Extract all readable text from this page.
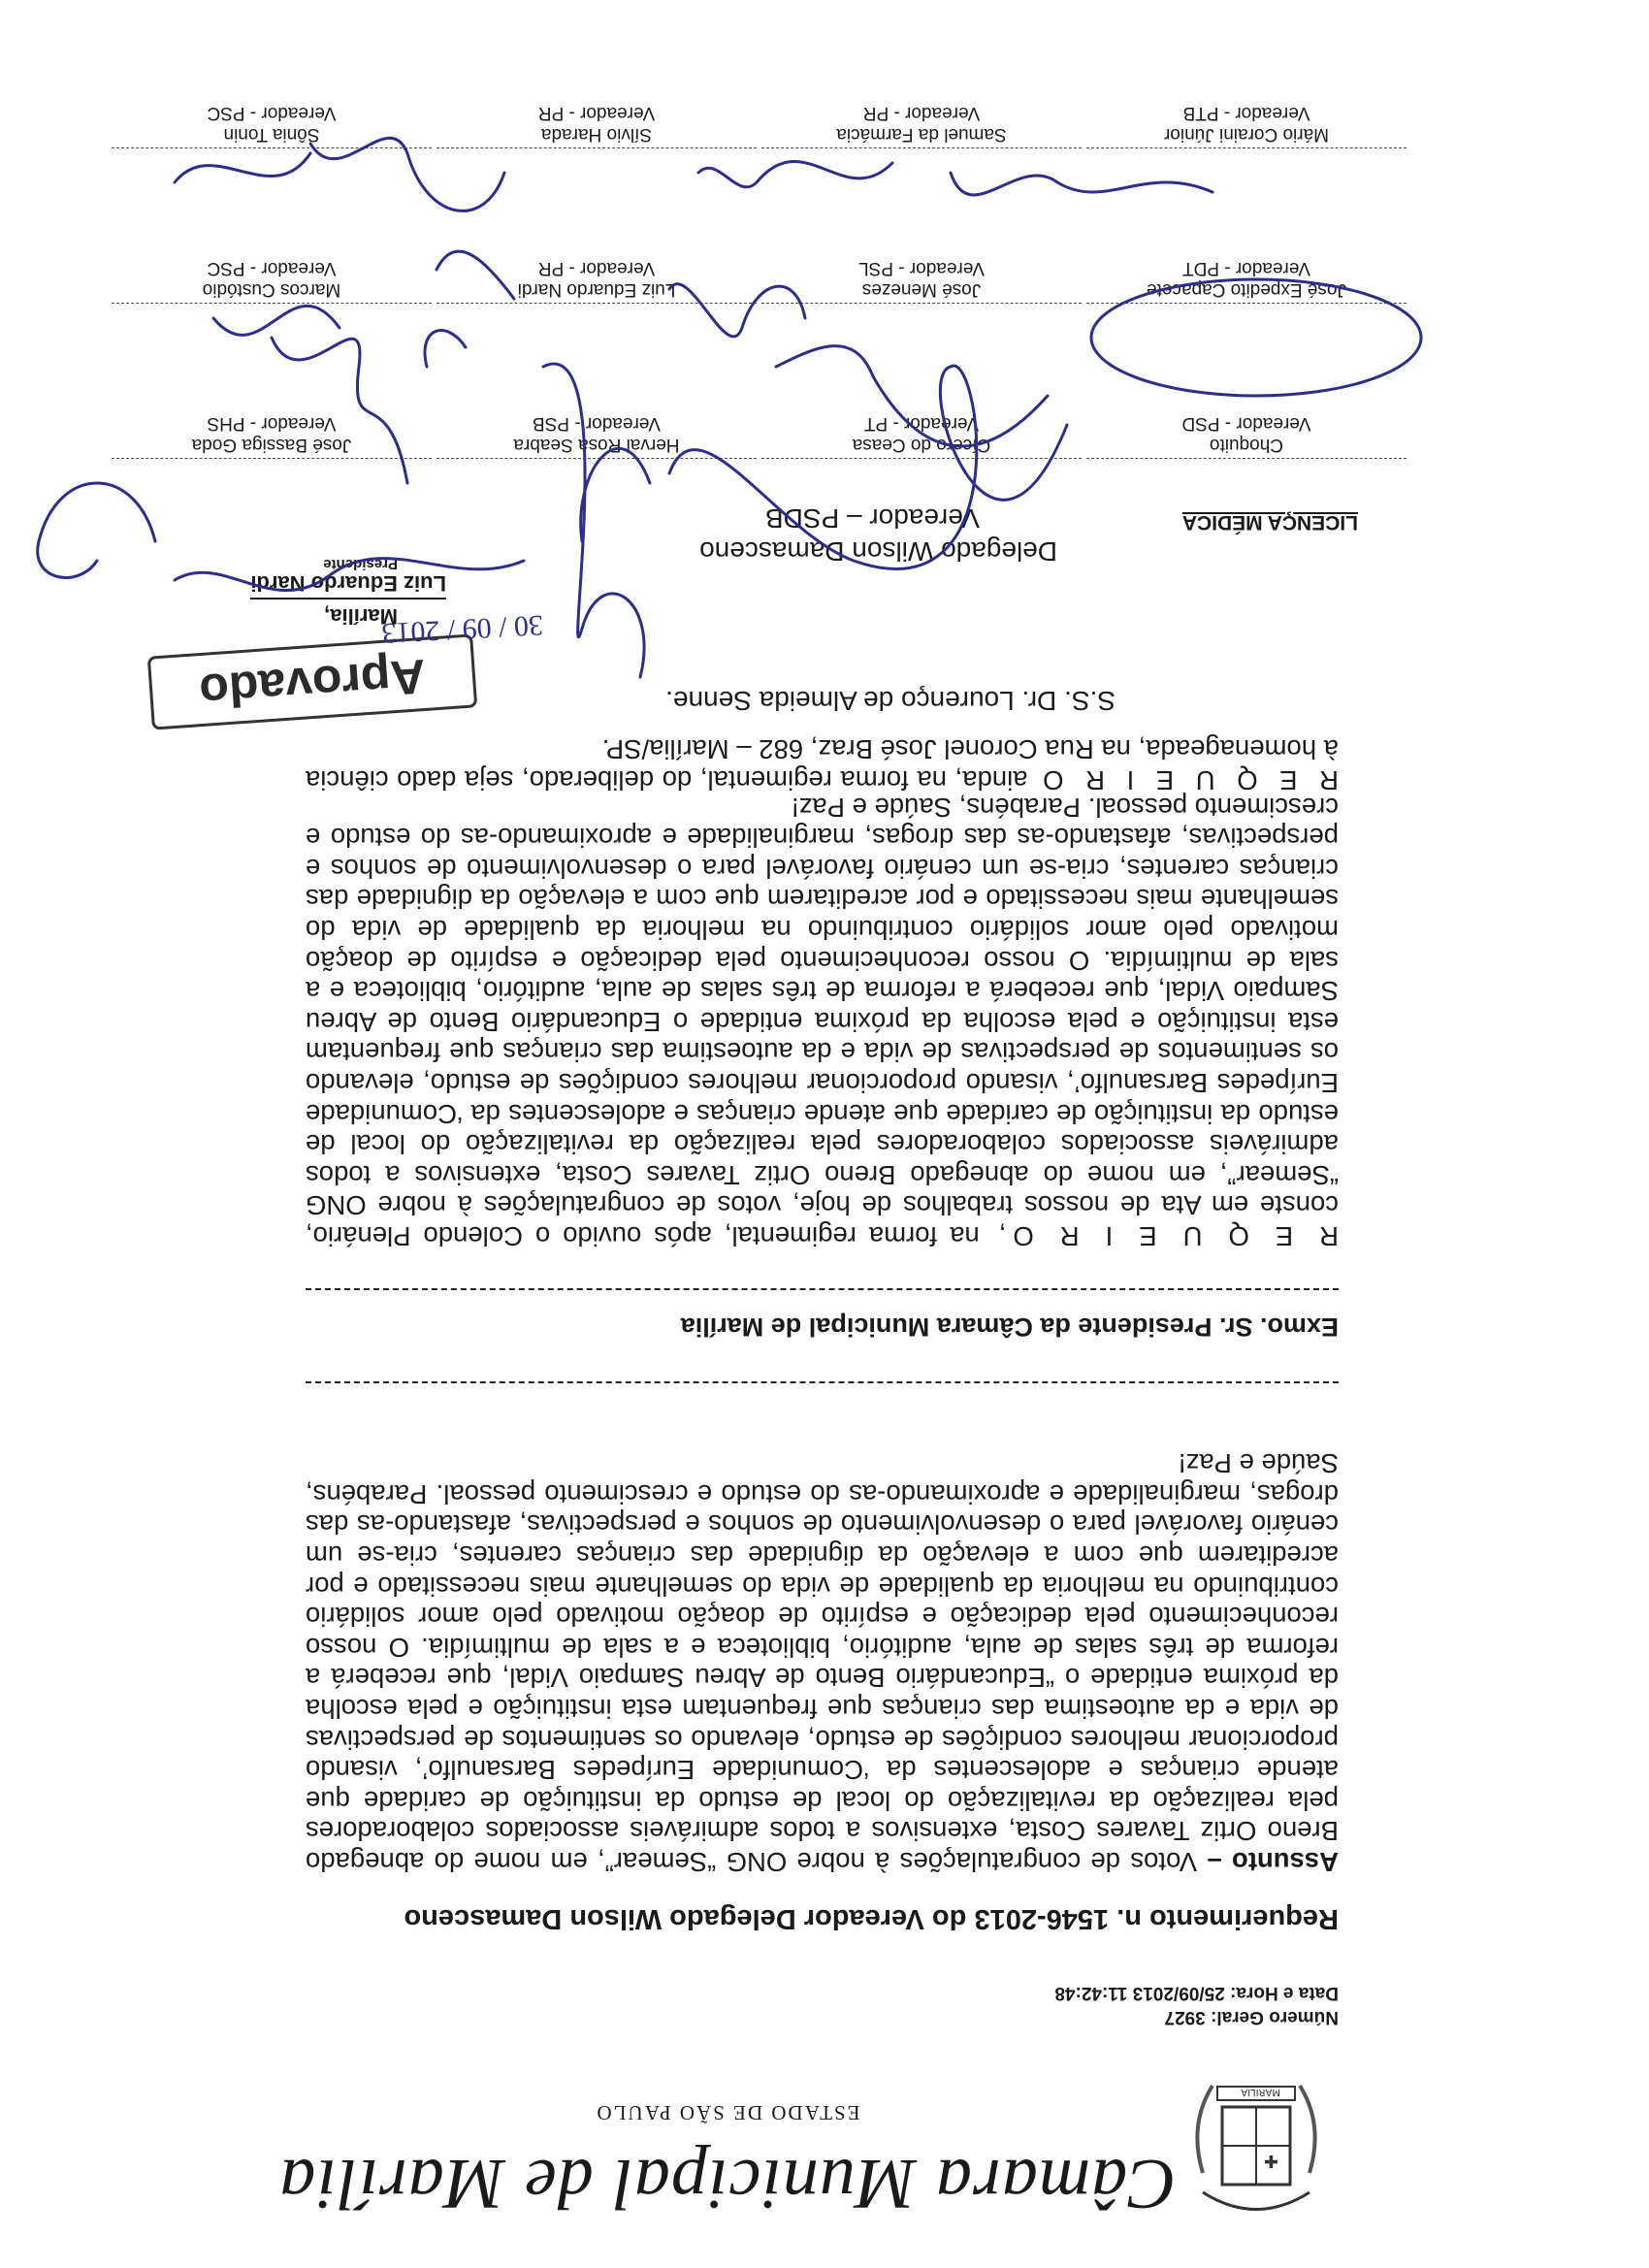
✚
MARILIA
Câmara Municipal de Marília
ESTADO DE SÃO PAULO
Número Geral: 3927
Data e Hora: 25/09/2013 11:42:48
Requerimento n. 1546-2013 do Vereador Delegado Wilson Damasceno
Assunto – Votos de congratulações à nobre ONG “Semear”, em nome do abnegado Breno Ortiz Tavares Costa, extensivos a todos admiráveis associados colaboradores pela realização da revitalização do local de estudo da instituição de caridade que atende crianças e adolescentes da ‘Comunidade Eurípedes Barsanulfo’, visando proporcionar melhores condições de estudo, elevando os sentimentos de perspectivas de vida e da autoestima das crianças que frequentam esta instituição e pela escolha da próxima entidade o “Educandário Bento de Abreu Sampaio Vidal, que receberá a reforma de três salas de aula, auditório, biblioteca e a sala de multimídia. O nosso reconhecimento pela dedicação e espírito de doação motivado pelo amor solidário contribuindo na melhoria da qualidade de vida do semelhante mais necessitado e por acreditarem que com a elevação da dignidade das crianças carentes, cria-se um cenário favorável para o desenvolvimento de sonhos e perspectivas, afastando-as das drogas, marginalidade e aproximando-as do estudo e crescimento pessoal. Parabéns, Saúde e Paz!
Exmo. Sr. Presidente da Câmara Municipal de Marília
R E Q U E I R O, na forma regimental, após ouvido o Colendo Plenário, conste em Ata de nossos trabalhos de hoje, votos de congratulações à nobre ONG “Semear”, em nome do abnegado Breno Ortiz Tavares Costa, extensivos a todos admiráveis associados colaboradores pela realização da revitalização do local de estudo da instituição de caridade que atende crianças e adolescentes da ‘Comunidade Eurípedes Barsanulfo’, visando proporcionar melhores condições de estudo, elevando os sentimentos de perspectivas de vida e da autoestima das crianças que frequentam esta instituição e pela escolha da próxima entidade o Educandário Bento de Abreu Sampaio Vidal, que receberá a reforma de três salas de aula, auditório, biblioteca e a sala de multimídia. O nosso reconhecimento pela dedicação e espírito de doação motivado pelo amor solidário contribuindo na melhoria da qualidade de vida do semelhante mais necessitado e por acreditarem que com a elevação da dignidade das crianças carentes, cria-se um cenário favorável para o desenvolvimento de sonhos e perspectivas, afastando-as das drogas, marginalidade e aproximando-as do estudo e crescimento pessoal. Parabéns, Saúde e Paz!
R E Q U E I R O ainda, na forma regimental, do deliberado, seja dado ciência à homenageada, na Rua Coronel José Braz, 682 – Marília/SP.
S.S. Dr. Lourenço de Almeida Senne.
Aprovado
30 / 09 / 2013
Marília,
Luiz Eduardo Nardi
Presidente	Delegado Wilson Damasceno
Vereador – PSDB	LICENÇA MÉDICA
Choquito
Vereador - PSD
Cícero do Ceasa
Vereador - PT
Herval Rosa Seabra
Vereador - PSB
José Bassiga Goda
Vereador - PHS
José Expedito Capacete
Vereador - PDT
José Menezes
Vereador - PSL
Luiz Eduardo Nardi
Vereador - PR
Marcos Custódio
Vereador - PSC
Mário Coraini Júnior
Vereador - PTB
Samuel da Farmácia
Vereador - PR
Sílvio Harada
Vereador - PR
Sônia Tonin
Vereador - PSC
